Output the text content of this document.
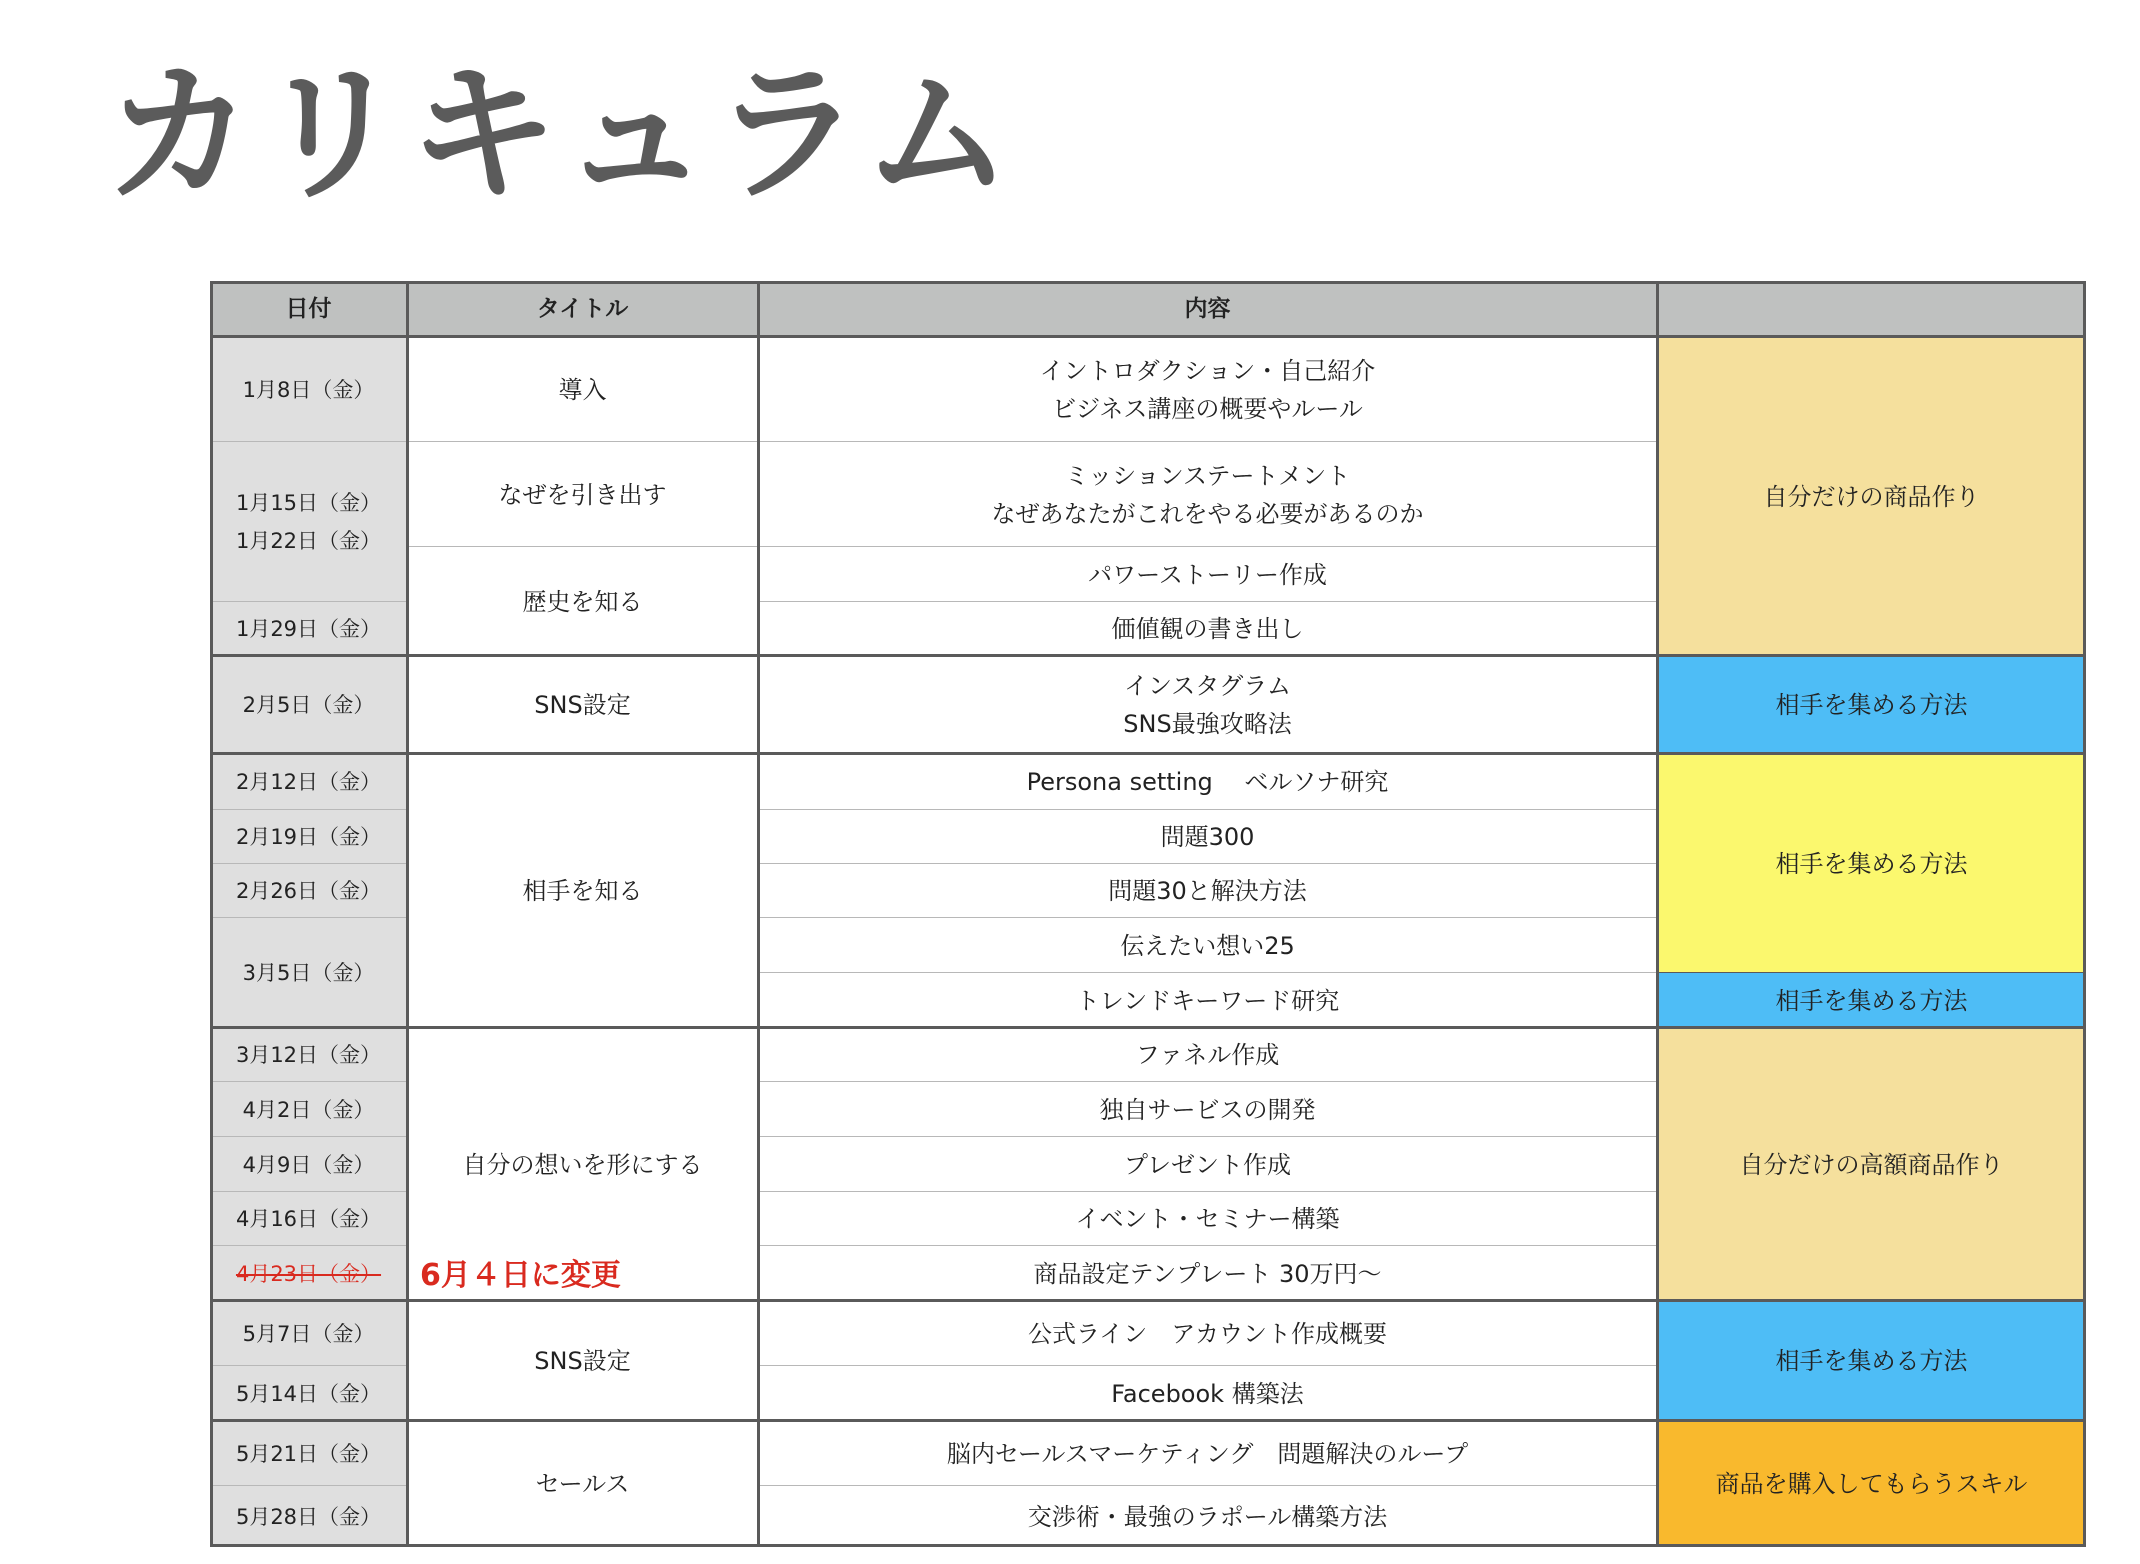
カリキュラム
日付	タイトル	内容
1月8日（金）
1月15日（金）
1月22日（金）
1月29日（金）
2月5日（金）
2月12日（金）
2月19日（金）
2月26日（金）
3月5日（金）
3月12日（金）
4月2日（金）
4月9日（金）
4月16日（金）
4月23日（金）
5月7日（金）
5月14日（金）
5月21日（金）
5月28日（金）
導入
なぜを引き出す
歴史を知る
SNS設定
相手を知る
自分の想いを形にする
SNS設定
セールス
イントロダクション・自己紹介
ビジネス講座の概要やルール
ミッションステートメント
なぜあなたがこれをやる必要があるのか
パワーストーリー作成
価値観の書き出し
インスタグラム
SNS最強攻略法
Persona setting　 ベルソナ研究
問題300
問題30と解決方法
伝えたい想い25
トレンドキーワード研究
ファネル作成
独自サービスの開発
プレゼント作成
イベント・セミナー構築
商品設定テンプレート 30万円〜
公式ライン　アカウント作成概要
Facebook 構築法
脳内セールスマーケティング　問題解決のループ
交渉術・最強のラポール構築方法
自分だけの商品作り
相手を集める方法
相手を集める方法
相手を集める方法
自分だけの高額商品作り
相手を集める方法
商品を購入してもらうスキル
6月４日に変更
